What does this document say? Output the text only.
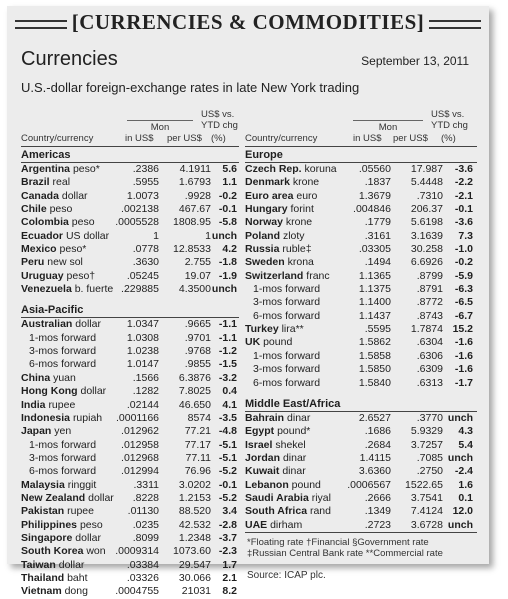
[CURRENCIES & COMMODITIES]
Currencies	September 13, 2011
U.S.-dollar foreign-exchange rates in late New York trading
US$ vs.
Mon	YTD chg
Country/currency	in US$ per US$ (%)
Americas
Argentina peso*	.2386 4.1911 5.6
Brazil real	.5955 1.6793 1.1
Canada dollar	1.0073 .9928 -0.2
Chile peso	.002138 467.67 -0.1
Colombia peso .0005528 1808.95 -5.8
Ecuador US dollar	1	1 unch
Mexico peso*	.0778 12.8533 4.2
Peru new sol	.3630 2.755 -1.8
Uruguay peso†	.05245 19.07 -1.9
Venezuela b. fuerte .229885 4.3500 unch
Asia-Pacific
Australian dollar 1.0347 .9665 -1.1
1-mos forward	1.0308 .9701 -1.1
3-mos forward	1.0238 .9768 -1.2
6-mos forward	1.0147 .9855 -1.5
China yuan	.1566 6.3876 -3.2
Hong Kong dollar	.1282 7.8025 0.4
India rupee	.02144 46.650 4.1
Indonesia rupiah .0001166	8574 -3.5
Japan yen	.012962 77.21 -4.8
1-mos forward .012958 77.17 -5.1
3-mos forward .012968	77.11 -5.1
6-mos forward .012994 76.96 -5.2
Malaysia ringgit	.3311 3.0202 -0.1
New Zealand dollar .8228 1.2153 -5.2
Pakistan rupee	.01130 88.520 3.4
Philippines peso	.0235 42.532 -2.8
Singapore dollar	.8099 1.2348 -3.7
South Korea won .0009314 1073.60 -2.3
Taiwan dollar	.03384 29.547 1.7
Thailand baht	.03326 30.066 2.1
Vietnam dong	.0004755 21031 8.2
US$ vs.
Mon	YTD chg
Country/currency	in US$ per US$ (%)
Europe
Czech Rep. koruna .05560 17.987 -3.6
Denmark krone	.1837 5.4448 -2.2
Euro area euro	1.3679 .7310 -2.1
Hungary forint	.004846 206.37 -0.1
Norway krone	.1779 5.6198 -3.6
Poland zloty	.3161 3.1639 7.3
Russia ruble‡	.03305 30.258 -1.0
Sweden krona	.1494 6.6926 -0.2
Switzerland franc	1.1365 .8799 -5.9
1-mos forward	1.1375 .8791 -6.3
3-mos forward	1.1400 .8772 -6.5
6-mos forward	1.1437 .8743 -6.7
Turkey lira**	.5595 1.7874 15.2
UK pound	1.5862 .6304 -1.6
1-mos forward	1.5858 .6306 -1.6
3-mos forward	1.5850 .6309 -1.6
6-mos forward	1.5840 .6313 -1.7
Middle East/Africa
Bahrain dinar	2.6527 .3770 unch
Egypt pound*	.1686 5.9329 4.3
Israel shekel	.2684 3.7257 5.4
Jordan dinar	1.4115 .7085 unch
Kuwait dinar	3.6360 .2750 -2.4
Lebanon pound	.0006567 1522.65 1.6
Saudi Arabia riyal	.2666 3.7541 0.1
South Africa rand	.1349 7.4124 12.0
UAE dirham	.2723 3.6728 unch
*Floating rate †Financial §Government rate
‡Russian Central Bank rate **Commercial rate
Source: ICAP plc.
